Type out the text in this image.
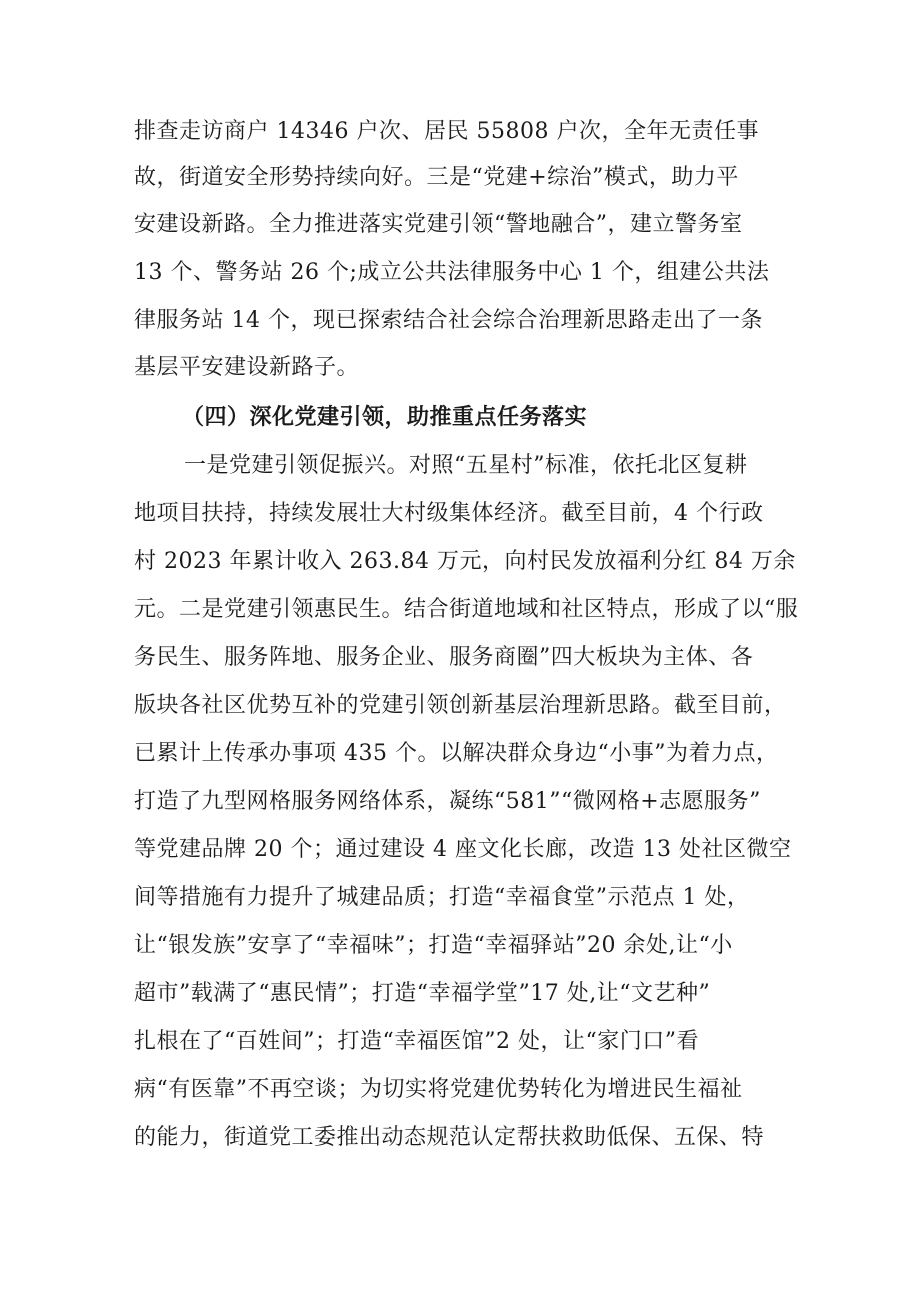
排查走访商户 14346 户次、居民 55808 户次，全年无责任事
故，街道安全形势持续向好。三是“党建+综治”模式，助力平
安建设新路。全力推进落实党建引领“警地融合”，建立警务室
13 个、警务站 26 个;成立公共法律服务中心 1 个，组建公共法
律服务站 14 个，现已探索结合社会综合治理新思路走出了一条
基层平安建设新路子。
（四）深化党建引领，助推重点任务落实
一是党建引领促振兴。对照“五星村”标准，依托北区复耕
地项目扶持，持续发展壮大村级集体经济。截至目前，4 个行政
村 2023 年累计收入 263.84 万元，向村民发放福利分红 84 万余
元。二是党建引领惠民生。结合街道地域和社区特点，形成了以“服
务民生、服务阵地、服务企业、服务商圈”四大板块为主体、各
版块各社区优势互补的党建引领创新基层治理新思路。截至目前，
已累计上传承办事项 435 个。以解决群众身边“小事”为着力点，
打造了九型网格服务网络体系，凝练“581”“微网格+志愿服务”
等党建品牌 20 个；通过建设 4 座文化长廊，改造 13 处社区微空
间等措施有力提升了城建品质；打造“幸福食堂”示范点 1 处，
让“银发族”安享了“幸福味”；打造“幸福驿站”20 余处,让“小
超市”载满了“惠民情”；打造“幸福学堂”17 处,让“文艺种”
扎根在了“百姓间”；打造“幸福医馆”2 处，让“家门口”看
病“有医靠”不再空谈；为切实将党建优势转化为增进民生福祉
的能力，街道党工委推出动态规范认定帮扶救助低保、五保、特
